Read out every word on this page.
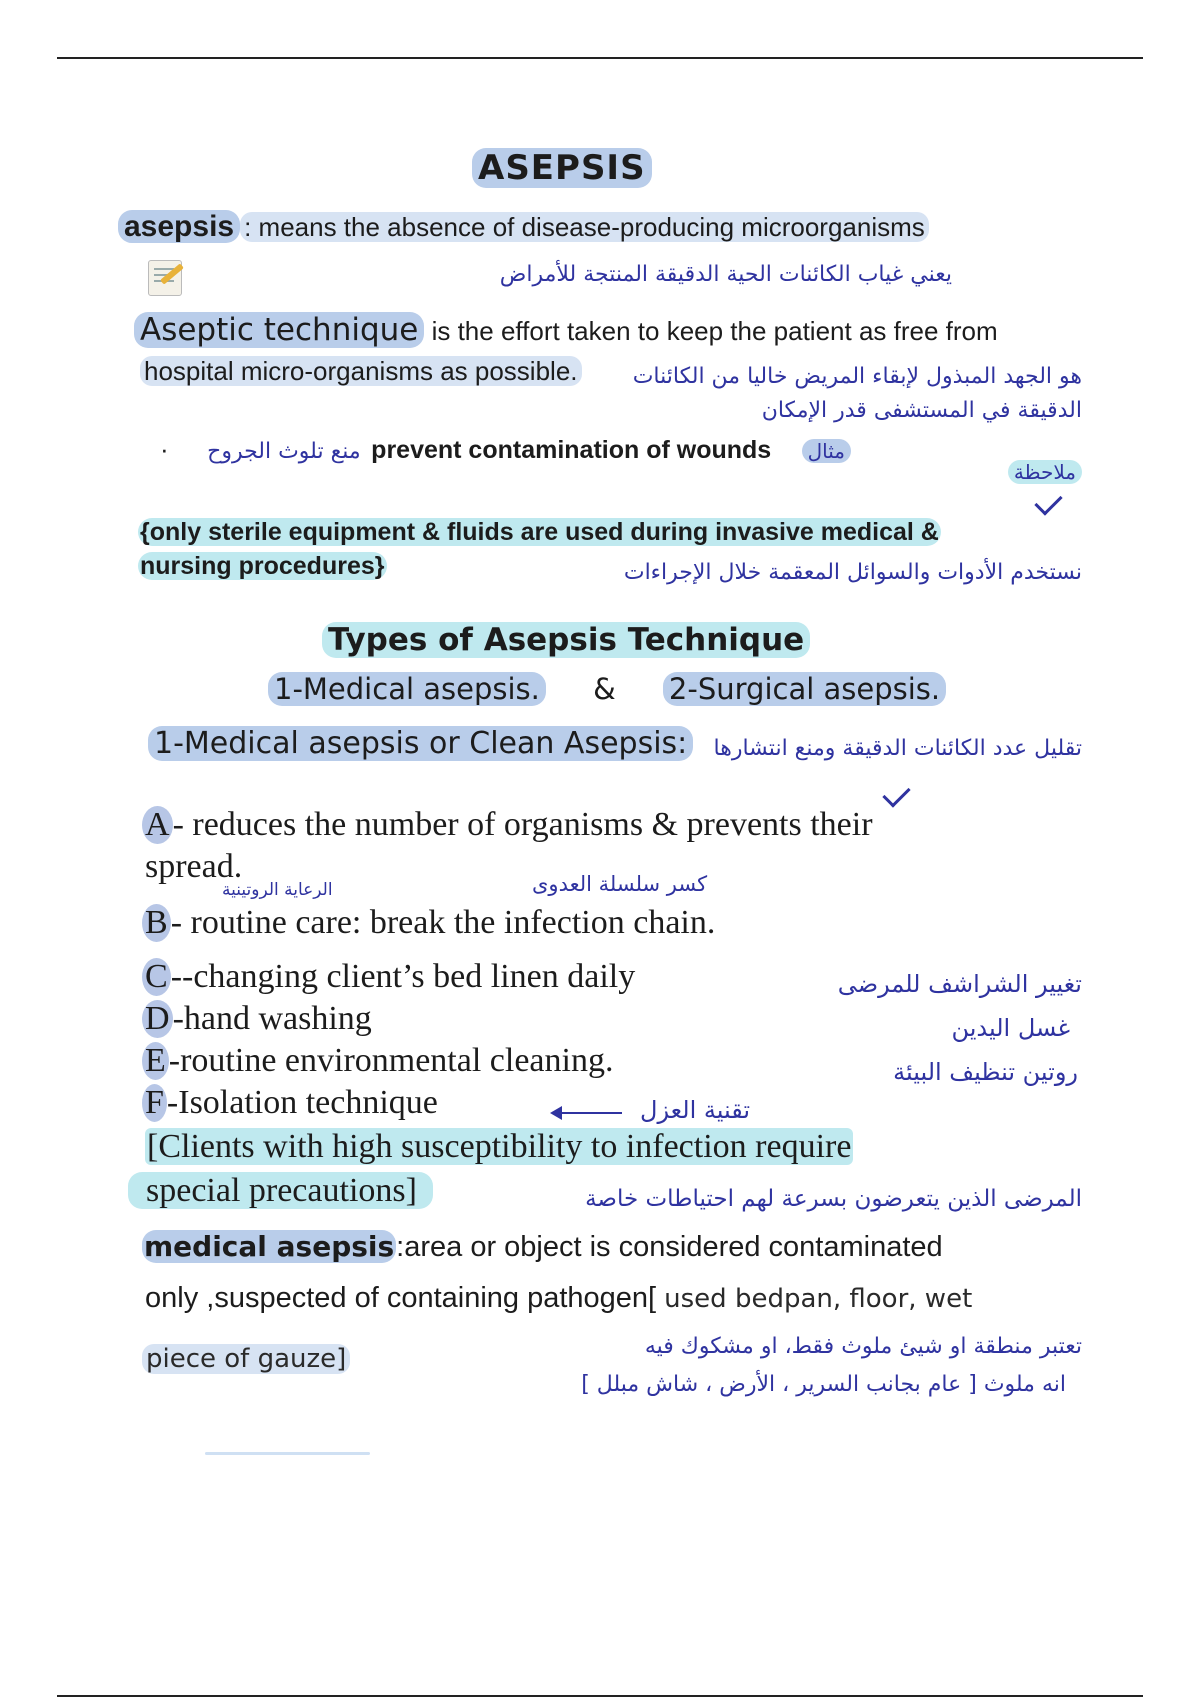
ASEPSIS
asepsis : means the absence of disease-producing microorganisms
يعني غياب الكائنات الحية الدقيقة المنتجة للأمراض
Aseptic technique is the effort taken to keep the patient as free from
hospital micro-organisms as possible.	هو الجهد المبذول لإبقاء المريض خاليا من الكائنات
الدقيقة في المستشفى قدر الإمكان
· منع تلوث الجروح prevent contamination of wounds مثال
ملاحظة
{only sterile equipment & fluids are used during invasive medical &
nursing procedures}	نستخدم الأدوات والسوائل المعقمة خلال الإجراءات
Types of Asepsis Technique
1-Medical asepsis. & 2-Surgical asepsis.
1-Medical asepsis or Clean Asepsis: تقليل عدد الكائنات الدقيقة ومنع انتشارها
A- reduces the number of organisms & prevents their
spread.
الرعاية الروتينية	كسر سلسلة العدوى
B- routine care: break the infection chain.
C--changing client’s bed linen daily	تغيير الشراشف للمرضى
D-hand washing	غسل اليدين
E-routine environmental cleaning.	روتين تنظيف البيئة
F-Isolation technique	تقنية العزل
[Clients with high susceptibility to infection require
special precautions]	المرضى الذين يتعرضون بسرعة لهم احتياطات خاصة
medical asepsis:area or object is considered contaminated
only ,suspected of containing pathogen[ used bedpan, floor, wet
piece of gauze]	تعتبر منطقة او شيئ ملوث فقط، او مشكوك فيه
انه ملوث [ عام بجانب السرير ، الأرض ، شاش مبلل ]
